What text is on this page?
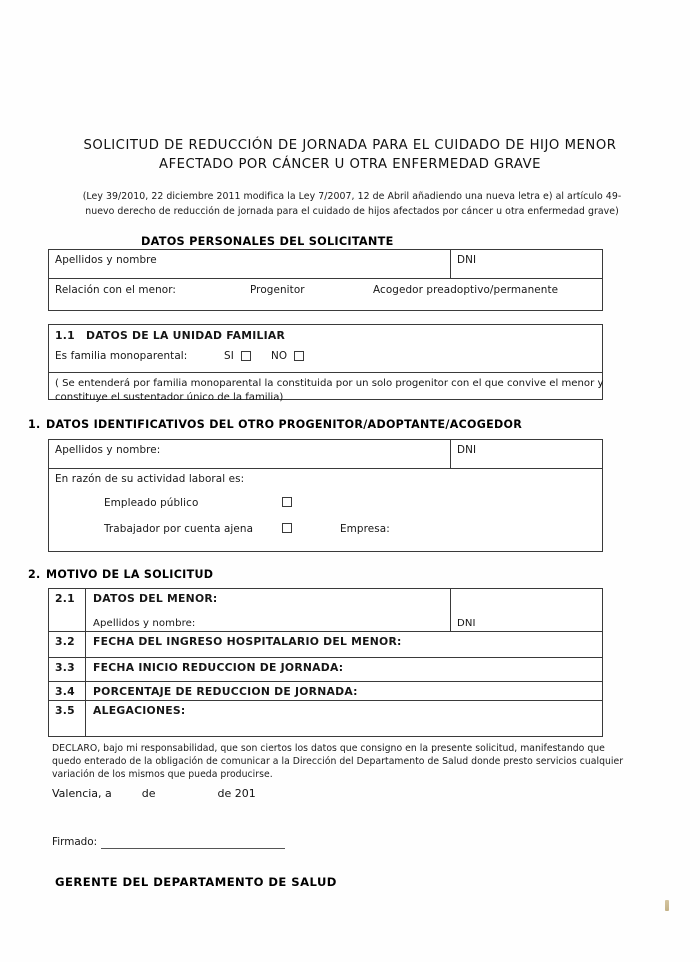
SOLICITUD DE REDUCCIÓN DE JORNADA PARA EL CUIDADO DE HIJO MENOR
AFECTADO POR CÁNCER U OTRA ENFERMEDAD GRAVE
(Ley 39/2010, 22 diciembre 2011 modifica la Ley 7/2007, 12 de Abril añadiendo una nueva letra e) al artículo 49-
nuevo derecho de reducción de jornada para el cuidado de hijos afectados por cáncer u otra enfermedad grave)
DATOS PERSONALES DEL SOLICITANTE
Apellidos y nombre	DNI
Relación con el menor:	Progenitor	Acogedor preadoptivo/permanente
1.1 DATOS DE LA UNIDAD FAMILIAR
Es familia monoparental:	SI	NO
( Se entenderá por familia monoparental la constituida por un solo progenitor con el que convive el menor y
constituye el sustentador único de la familia)
1. DATOS IDENTIFICATIVOS DEL OTRO PROGENITOR/ADOPTANTE/ACOGEDOR
Apellidos y nombre:	DNI
En razón de su actividad laboral es:
Empleado público
Trabajador por cuenta ajena	Empresa:
2. MOTIVO DE LA SOLICITUD
2.1 DATOS DEL MENOR:
Apellidos y nombre:	DNI
3.2 FECHA DEL INGRESO HOSPITALARIO DEL MENOR:
3.3 FECHA INICIO REDUCCION DE JORNADA:
3.4 PORCENTAJE DE REDUCCION DE JORNADA:
3.5 ALEGACIONES:
DECLARO, bajo mi responsabilidad, que son ciertos los datos que consigno en la presente solicitud, manifestando que
quedo enterado de la obligación de comunicar a la Dirección del Departamento de Salud donde presto servicios cualquier
variación de los mismos que pueda producirse.
Valencia, a	de	de 201
Firmado:
GERENTE DEL DEPARTAMENTO DE SALUD
